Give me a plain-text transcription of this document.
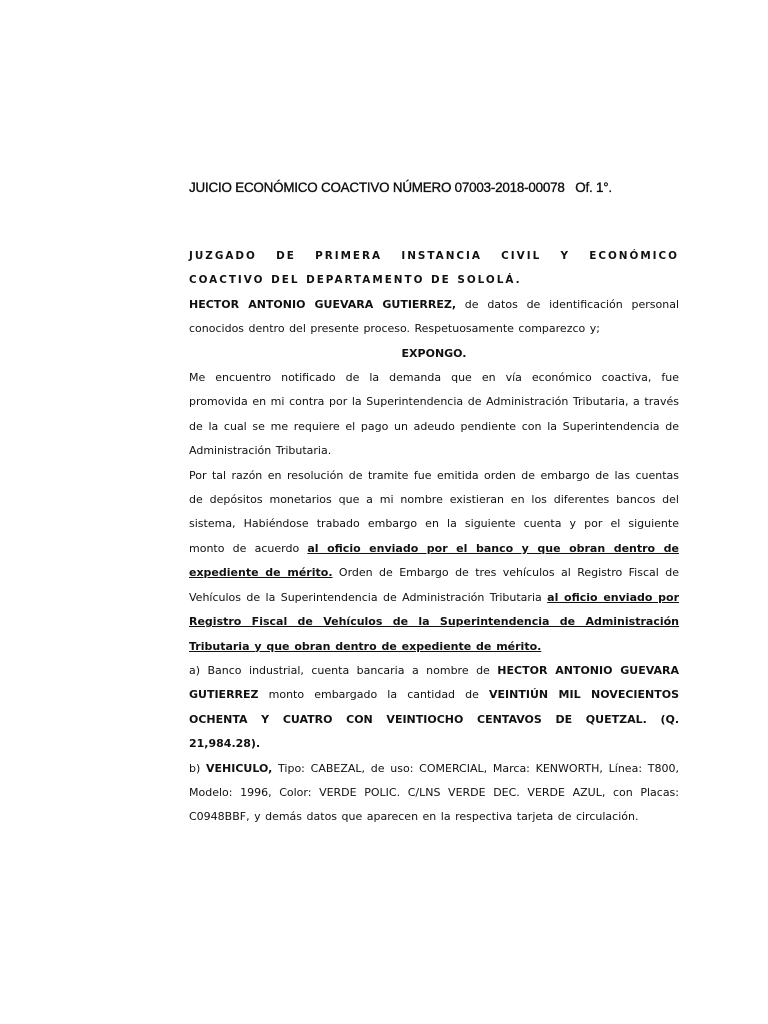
JUICIO ECONÓMICO COACTIVO NÚMERO 07003-2018-00078 Of. 1°.

JUZGADO DE PRIMERA INSTANCIA CIVIL Y ECONÓMICO COACTIVO DEL DEPARTAMENTO DE SOLOLÁ.

HECTOR ANTONIO GUEVARA GUTIERREZ, de datos de identificación personal conocidos dentro del presente proceso. Respetuosamente comparezco y;

EXPONGO.

Me encuentro notificado de la demanda que en vía económico coactiva, fue promovida en mi contra por la Superintendencia de Administración Tributaria, a través de la cual se me requiere el pago un adeudo pendiente con la Superintendencia de Administración Tributaria.

Por tal razón en resolución de tramite fue emitida orden de embargo de las cuentas de depósitos monetarios que a mi nombre existieran en los diferentes bancos del sistema, Habiéndose trabado embargo en la siguiente cuenta y por el siguiente monto de acuerdo al oficio enviado por el banco y que obran dentro de expediente de mérito. Orden de Embargo de tres vehículos al Registro Fiscal de Vehículos de la Superintendencia de Administración Tributaria al oficio enviado por Registro Fiscal de Vehículos de la Superintendencia de Administración Tributaria y que obran dentro de expediente de mérito.

a) Banco industrial, cuenta bancaria a nombre de HECTOR ANTONIO GUEVARA GUTIERREZ monto embargado la cantidad de VEINTIÚN MIL NOVECIENTOS OCHENTA Y CUATRO CON VEINTIOCHO CENTAVOS DE QUETZAL. (Q. 21,984.28).

b) VEHICULO, Tipo: CABEZAL, de uso: COMERCIAL, Marca: KENWORTH, Línea: T800, Modelo: 1996, Color: VERDE POLIC. C/LNS VERDE DEC. VERDE AZUL, con Placas: C0948BBF, y demás datos que aparecen en la respectiva tarjeta de circulación.
